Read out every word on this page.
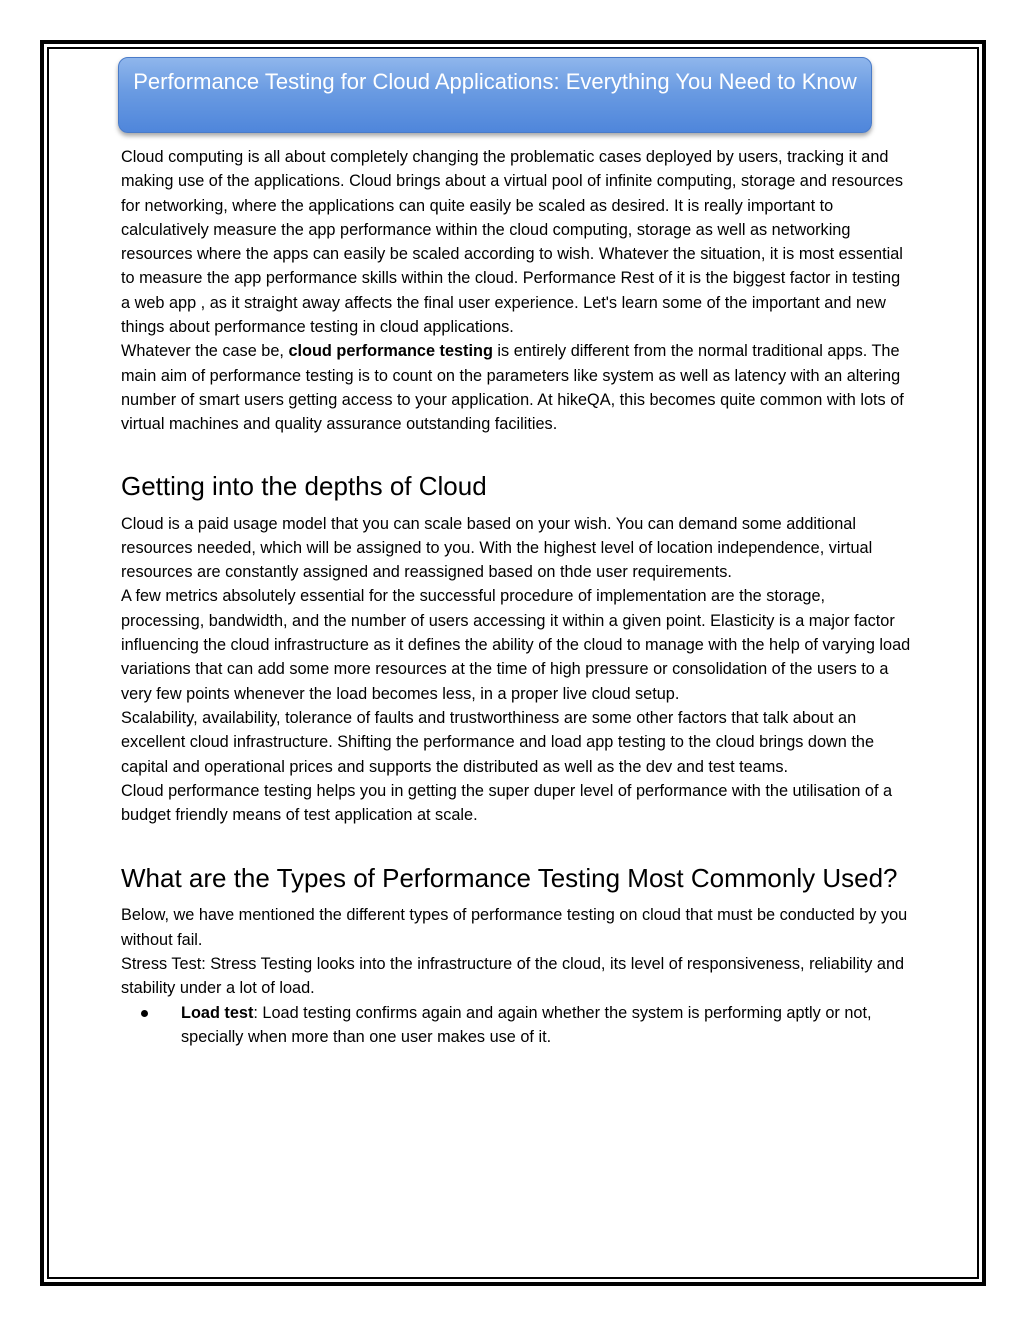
Performance Testing for Cloud Applications: Everything You Need to Know

Cloud computing is all about completely changing the problematic cases deployed by users, tracking it and making use of the applications. Cloud brings about a virtual pool of infinite computing, storage and resources for networking, where the applications can quite easily be scaled as desired. It is really important to calculatively measure the app performance within the cloud computing, storage as well as networking resources where the apps can easily be scaled according to wish. Whatever the situation, it is most essential to measure the app performance skills within the cloud. Performance Rest of it is the biggest factor in testing a web app , as it straight away affects the final user experience. Let's learn some of the important and new things about performance testing in cloud applications.

Whatever the case be, cloud performance testing is entirely different from the normal traditional apps. The main aim of performance testing is to count on the parameters like system as well as latency with an altering number of smart users getting access to your application. At hikeQA, this becomes quite common with lots of virtual machines and quality assurance outstanding facilities.

Getting into the depths of Cloud

Cloud is a paid usage model that you can scale based on your wish. You can demand some additional resources needed, which will be assigned to you. With the highest level of location independence, virtual resources are constantly assigned and reassigned based on thde user requirements.

A few metrics absolutely essential for the successful procedure of implementation are the storage, processing, bandwidth, and the number of users accessing it within a given point. Elasticity is a major factor influencing the cloud infrastructure as it defines the ability of the cloud to manage with the help of varying load variations that can add some more resources at the time of high pressure or consolidation of the users to a very few points whenever the load becomes less, in a proper live cloud setup.

Scalability, availability, tolerance of faults and trustworthiness are some other factors that talk about an excellent cloud infrastructure. Shifting the performance and load app testing to the cloud brings down the capital and operational prices and supports the distributed as well as the dev and test teams.

Cloud performance testing helps you in getting the super duper level of performance with the utilisation of a budget friendly means of test application at scale.

What are the Types of Performance Testing Most Commonly Used?

Below, we have mentioned the different types of performance testing on cloud that must be conducted by you without fail.

Stress Test: Stress Testing looks into the infrastructure of the cloud, its level of responsiveness, reliability and stability under a lot of load.

Load test: Load testing confirms again and again whether the system is performing aptly or not, specially when more than one user makes use of it.
